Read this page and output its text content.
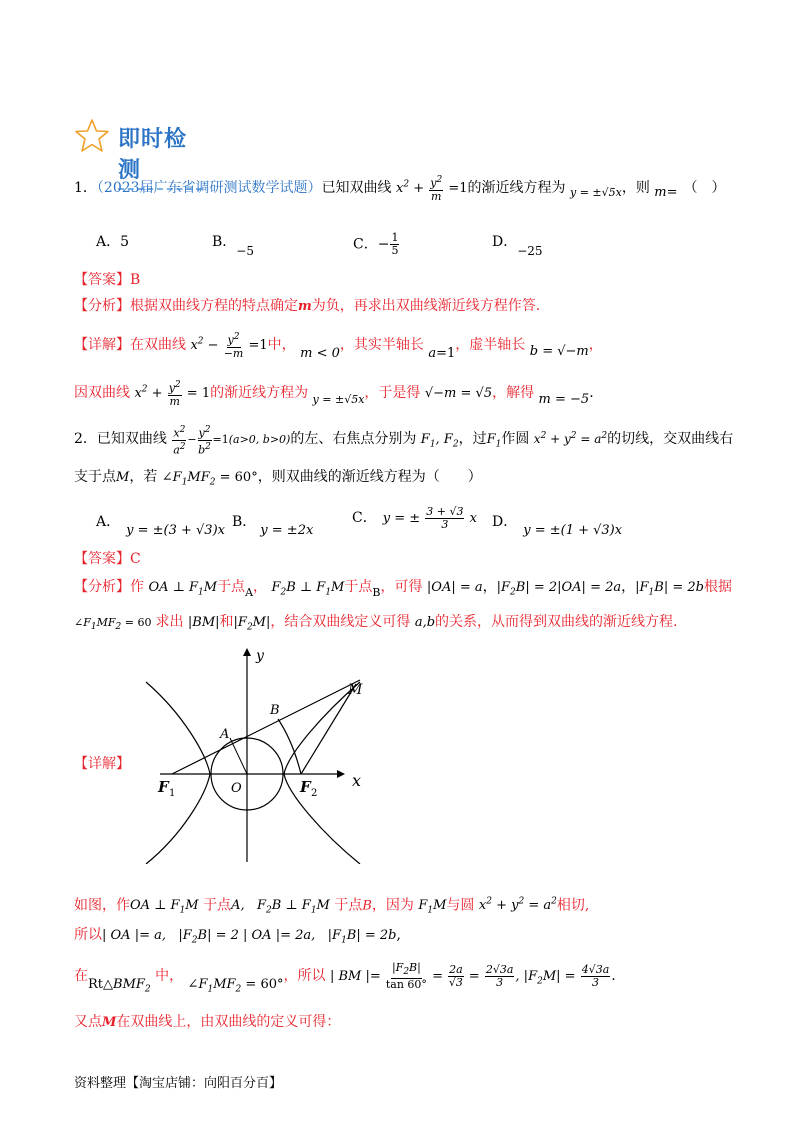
即时检测
1．（2023届广东省调研测试数学试题）已知双曲线 $x^2 + \frac{y^2}{m} =1$的渐近线方程为 $_{y = \pm√5x}$，则 m= （　）
A．5	B．−5	C．− $\frac{1}{5}$	D．−25
【答案】B
【分析】根据双曲线方程的特点确定m为负，再求出双曲线渐近线方程作答.
【详解】在双曲线 $x^2 - \frac{y^2}{-m} =1$中， m < 0，其实半轴长 a=1，虚半轴长 b = √−m，
因双曲线 $x^2 + \frac{y^2}{m} = 1$的渐近线方程为 $_{y = \pm√5x}$，于是得 √−m = √5，解得 m = −5.
2．已知双曲线 $\frac{x^2}{a^2} - \frac{y^2}{b^2} =1(a>0$, b>0)的左、右焦点分别为 $F_1$, $F_2$，过$F_1$作圆 $x^2 + y^2 = a^2$的切线，交双曲线右
支于点M，若 $\angle F_1MF_2 = 60^\circ$，则双曲线的渐近线方程为（　　）
A．y = ±(3 + √3)x
B．y = ±2x
C． y = ± $\frac{3 + √3}{3}$ x D．y = ±(1 + √3)x
【答案】C
【分析】作 OA ⊥ $F_1M$于点$_A$， $F_2B$ ⊥ $F_1M$于点$_B$，可得 |OA| = a，$|F_2B| = 2|OA| = 2a$，$|F_1B| = 2b$根据
$\angle F_1MF_2 = 60$ 求出 |BM|和$|F_2M|$，结合双曲线定义可得 a,b的关系，从而得到双曲线的渐近线方程.
【详解】
y
x
A
B
M
O
F 1	F 2
如图，作OA ⊥ $F_1M$ 于点A,   $F_2B$ ⊥ $F_1M$ 于点B，因为 $F_1M$与圆 $x^2 + y^2 = a^2$相切,
所以| OA |= a,   $|F_2B| = 2$ | OA |= 2a,   $|F_1B| = 2b$,
在$Rt\triangle BMF_2$ 中， $\angle F_1MF_2 = 60^\circ$，所以 | BM |= $\frac{|F_2B|}{\tan 60^\circ} = \frac{2a}{√3} = \frac{2√3a}{3}$ , $|F_2M| = \frac{4√3a}{3}$ .
又点M在双曲线上，由双曲线的定义可得：
资料整理【淘宝店铺：向阳百分百】
